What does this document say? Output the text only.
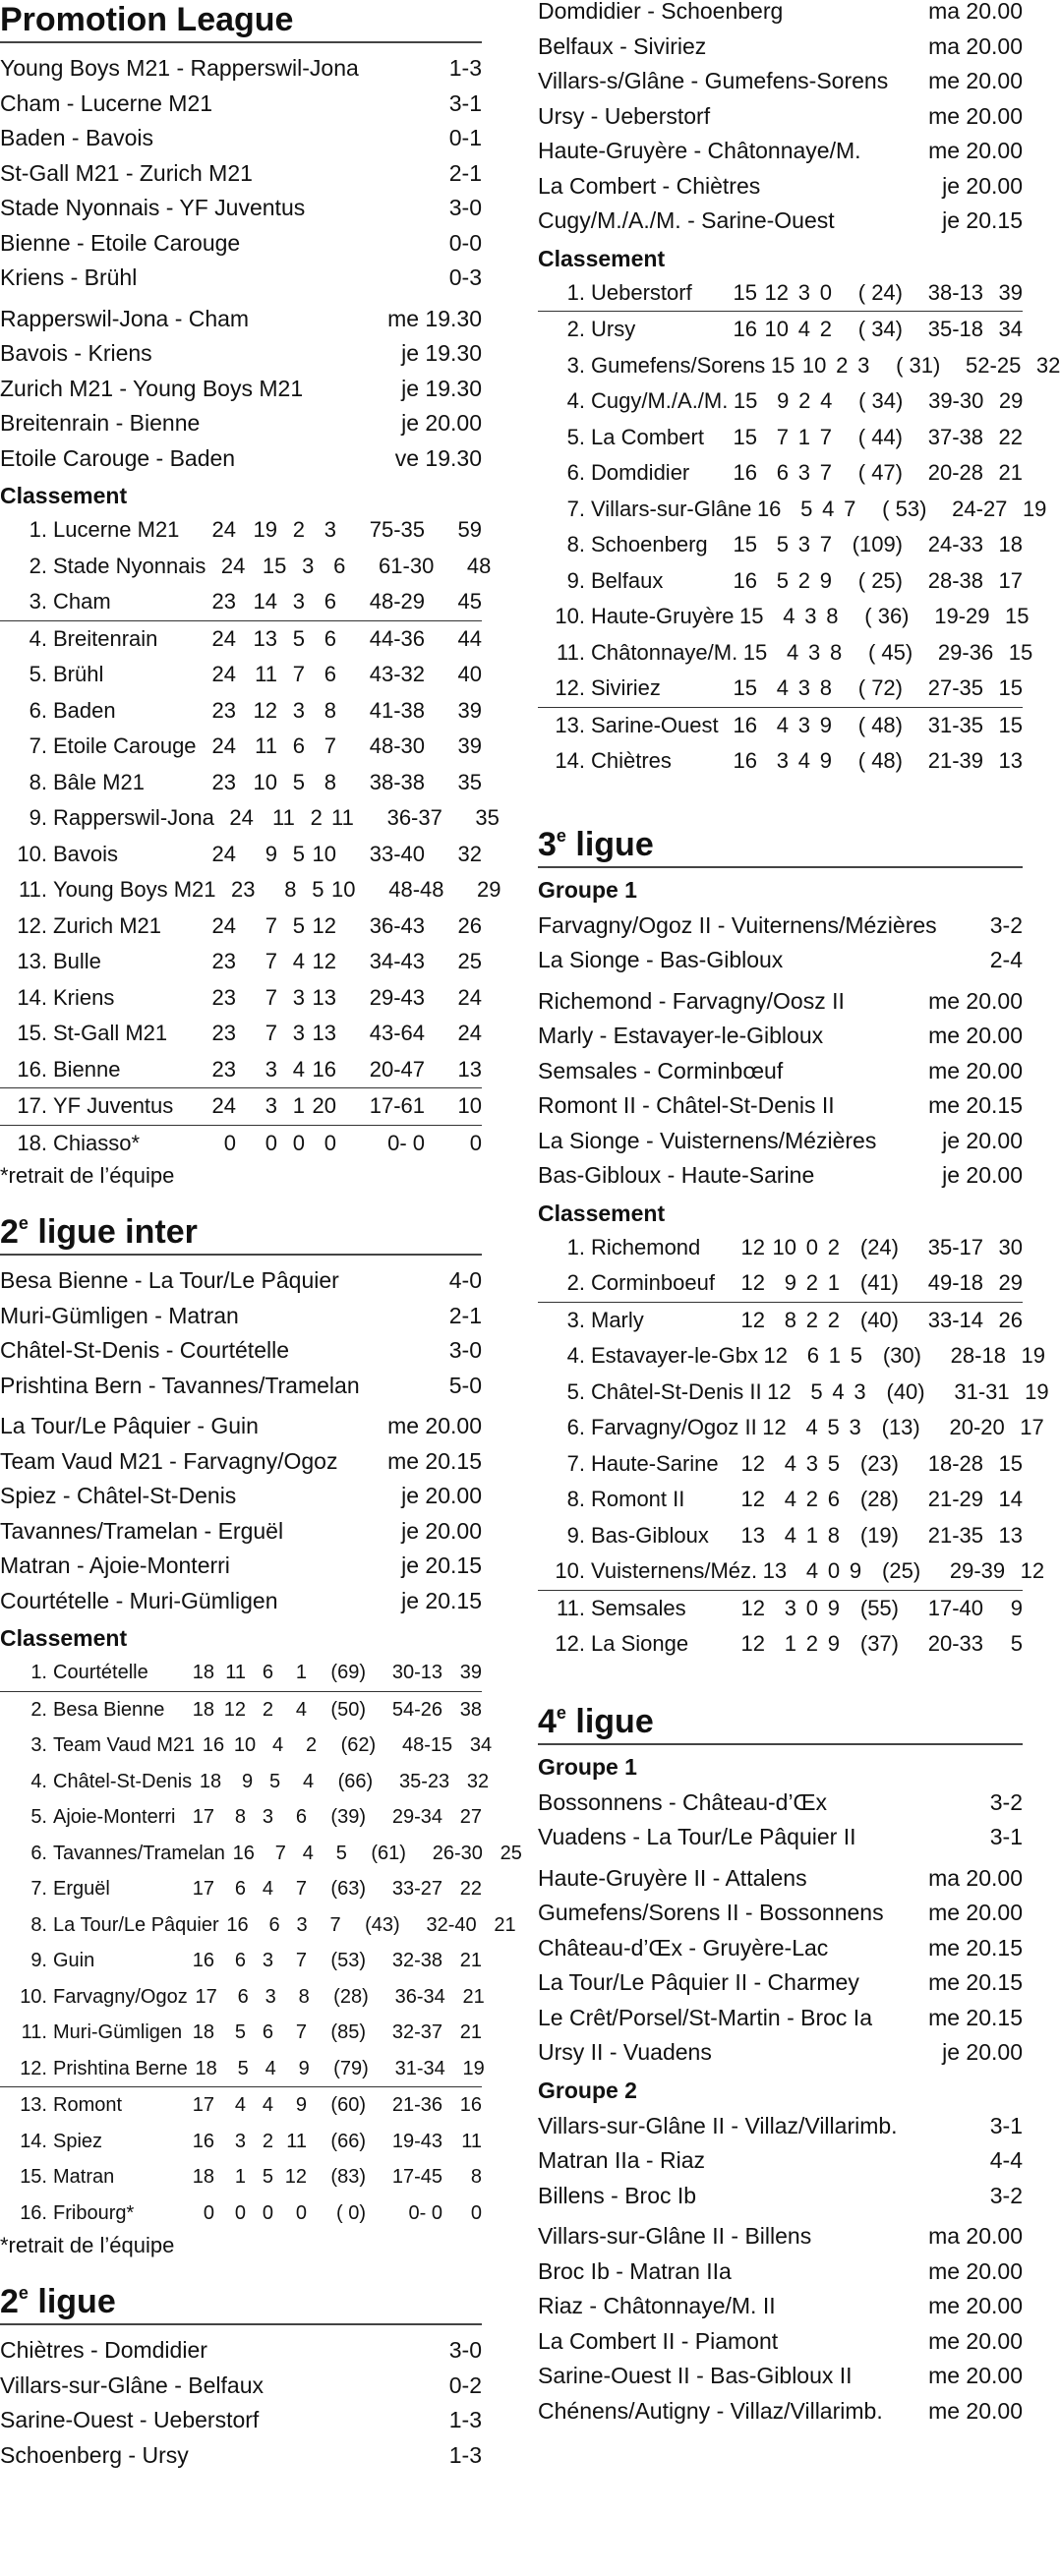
Promotion League
Young Boys M21 - Rapperswil-Jona	1-3
Cham - Lucerne M21	3-1
Baden - Bavois	0-1
St-Gall M21 - Zurich M21	2-1
Stade Nyonnais - YF Juventus	3-0
Bienne - Etoile Carouge	0-0
Kriens - Brühl	0-3
Rapperswil-Jona - Cham	me 19.30
Bavois - Kriens	je 19.30
Zurich M21 - Young Boys M21	je 19.30
Breitenrain - Bienne	je 20.00
Etoile Carouge - Baden	ve 19.30
Classement
1. Lucerne M21	24 19 2 3	75-35	59
2. Stade Nyonnais 24 15 3 6	61-30	48
3. Cham	23 14 3 6	48-29	45
4. Breitenrain	24 13 5 6	44-36	44
5. Brühl	24 11 7 6	43-32	40
6. Baden	23 12 3 8	41-38	39
7. Etoile Carouge 24 11 6 7	48-30	39
8. Bâle M21	23 10 5 8	38-38	35
9. Rapperswil-Jona 24 11 2 11	36-37	35
10. Bavois	24	9 5 10	33-40	32
11. Young Boys M21 23	8 5 10	48-48	29
12. Zurich M21	24	7 5 12	36-43	26
13. Bulle	23	7 4 12	34-43	25
14. Kriens	23	7 3 13	29-43	24
15. St-Gall M21	23	7 3 13	43-64	24
16. Bienne	23	3 4 16	20-47	13
17. YF Juventus	24	3 1 20	17-61	10
18. Chiasso*	0	0 0 0	0- 0	0
*retrait de l’équipe
2e ligue inter
Besa Bienne - La Tour/Le Pâquier	4-0
Muri-Gümligen - Matran	2-1
Châtel-St-Denis - Courtételle	3-0
Prishtina Bern - Tavannes/Tramelan	5-0
La Tour/Le Pâquier - Guin	me 20.00
Team Vaud M21 - Farvagny/Ogoz me 20.15
Spiez - Châtel-St-Denis	je 20.00
Tavannes/Tramelan - Erguël	je 20.00
Matran - Ajoie-Monterri	je 20.15
Courtételle - Muri-Gümligen	je 20.15
Classement
1. Courtételle	18 11 6	1	(69)	30-13 39
2. Besa Bienne	18 12 2	4	(50)	54-26 38
3. Team Vaud M21 16 10 4	2	(62)	48-15 34
4. Châtel-St-Denis 18	9 5	4	(66)	35-23 32
5. Ajoie-Monterri 17	8 3	6	(39)	29-34 27
6. Tavannes/Tramelan 16	7 4	5	(61)	26-30 25
7. Erguël	17	6 4	7	(63)	33-27 22
8. La Tour/Le Pâquier 16	6 3	7	(43)	32-40 21
9. Guin	16	6 3	7	(53)	32-38 21
10. Farvagny/Ogoz 17	6 3	8	(28)	36-34 21
11. Muri-Gümligen 18	5 6	7	(85)	32-37 21
12. Prishtina Berne 18	5 4	9	(79)	31-34 19
13. Romont	17	4 4	9	(60)	21-36 16
14. Spiez	16	3 2 11	(66)	19-43 11
15. Matran	18	1 5 12	(83)	17-45	8
16. Fribourg*	0	0 0	0	( 0)	0- 0	0
*retrait de l’équipe
2e ligue
Chiètres - Domdidier	3-0
Villars-sur-Glâne - Belfaux	0-2
Sarine-Ouest - Ueberstorf	1-3
Schoenberg - Ursy	1-3
Domdidier - Schoenberg	ma 20.00
Belfaux - Siviriez	ma 20.00
Villars-s/Glâne - Gumefens-Sorens me 20.00
Ursy - Ueberstorf	me 20.00
Haute-Gruyère - Châtonnaye/M.	me 20.00
La Combert - Chiètres	je 20.00
Cugy/M./A./M. - Sarine-Ouest	je 20.15
Classement
1. Ueberstorf	15 12 3 0	( 24)	38-13 39
2. Ursy	16 10 4 2	( 34)	35-18 34
3. Gumefens/Sorens 15 10 2 3	( 31)	52-25 32
4. Cugy/M./A./M. 15 9 2 4	( 34)	39-30 29
5. La Combert	15 7 1 7	( 44)	37-38 22
6. Domdidier	16 6 3 7	( 47)	20-28 21
7. Villars-sur-Glâne 16 5 4 7	( 53)	24-27 19
8. Schoenberg	15 5 3 7 (109)	24-33 18
9. Belfaux	16 5 2 9	( 25)	28-38 17
10. Haute-Gruyère 15 4 3 8	( 36)	19-29 15
11. Châtonnaye/M. 15 4 3 8	( 45)	29-36 15
12. Siviriez	15 4 3 8	( 72)	27-35 15
13. Sarine-Ouest 16 4 3 9	( 48)	31-35 15
14. Chiètres	16 3 4 9	( 48)	21-39 13
3e ligue
Groupe 1
Farvagny/Ogoz II - Vuiternens/Mézières 3-2
La Sionge - Bas-Gibloux	2-4
Richemond - Farvagny/Oosz II	me 20.00
Marly - Estavayer-le-Gibloux	me 20.00
Semsales - Corminbœuf	me 20.00
Romont II - Châtel-St-Denis II	me 20.15
La Sionge - Vuisternens/Mézières	je 20.00
Bas-Gibloux - Haute-Sarine	je 20.00
Classement
1. Richemond	12 10 0 2 (24)	35-17 30
2. Corminboeuf	12 9 2 1 (41)	49-18 29
3. Marly	12 8 2 2 (40)	33-14 26
4. Estavayer-le-Gbx 12 6 1 5 (30)	28-18 19
5. Châtel-St-Denis II 12 5 4 3 (40)	31-31 19
6. Farvagny/Ogoz II 12 4 5 3 (13)	20-20 17
7. Haute-Sarine	12 4 3 5 (23)	18-28 15
8. Romont II	12 4 2 6 (28)	21-29 14
9. Bas-Gibloux	13 4 1 8 (19)	21-35 13
10. Vuisternens/Méz. 13 4 0 9 (25)	29-39 12
11. Semsales	12 3 0 9 (55)	17-40	9
12. La Sionge	12 1 2 9 (37)	20-33	5
4e ligue
Groupe 1
Bossonnens - Château-d’Œx	3-2
Vuadens - La Tour/Le Pâquier II	3-1
Haute-Gruyère II - Attalens	ma 20.00
Gumefens/Sorens II - Bossonnens me 20.00
Château-d’Œx - Gruyère-Lac	me 20.15
La Tour/Le Pâquier II - Charmey	me 20.15
Le Crêt/Porsel/St-Martin - Broc Ia me 20.15
Ursy II - Vuadens	je 20.00
Groupe 2
Villars-sur-Glâne II - Villaz/Villarimb.	3-1
Matran IIa - Riaz	4-4
Billens - Broc Ib	3-2
Villars-sur-Glâne II - Billens	ma 20.00
Broc Ib - Matran IIa	me 20.00
Riaz - Châtonnaye/M. II	me 20.00
La Combert II - Piamont	me 20.00
Sarine-Ouest II - Bas-Gibloux II	me 20.00
Chénens/Autigny - Villaz/Villarimb. me 20.00
